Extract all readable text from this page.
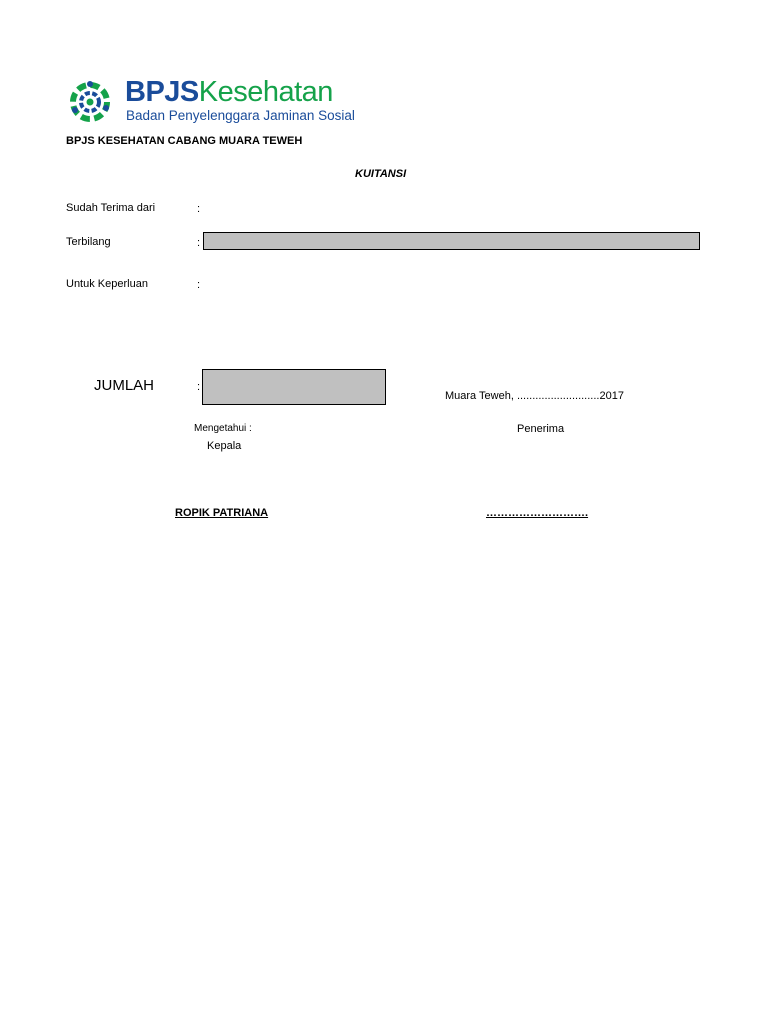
BPJSKesehatan
Badan Penyelenggara Jaminan Sosial
BPJS KESEHATAN CABANG MUARA TEWEH
KUITANSI
Sudah Terima dari	:
Terbilang	:
Untuk Keperluan	:
JUMLAH	:
Muara Teweh, ...........................2017
Mengetahui :
Kepala
Penerima
ROPIK PATRIANA	……………………….
